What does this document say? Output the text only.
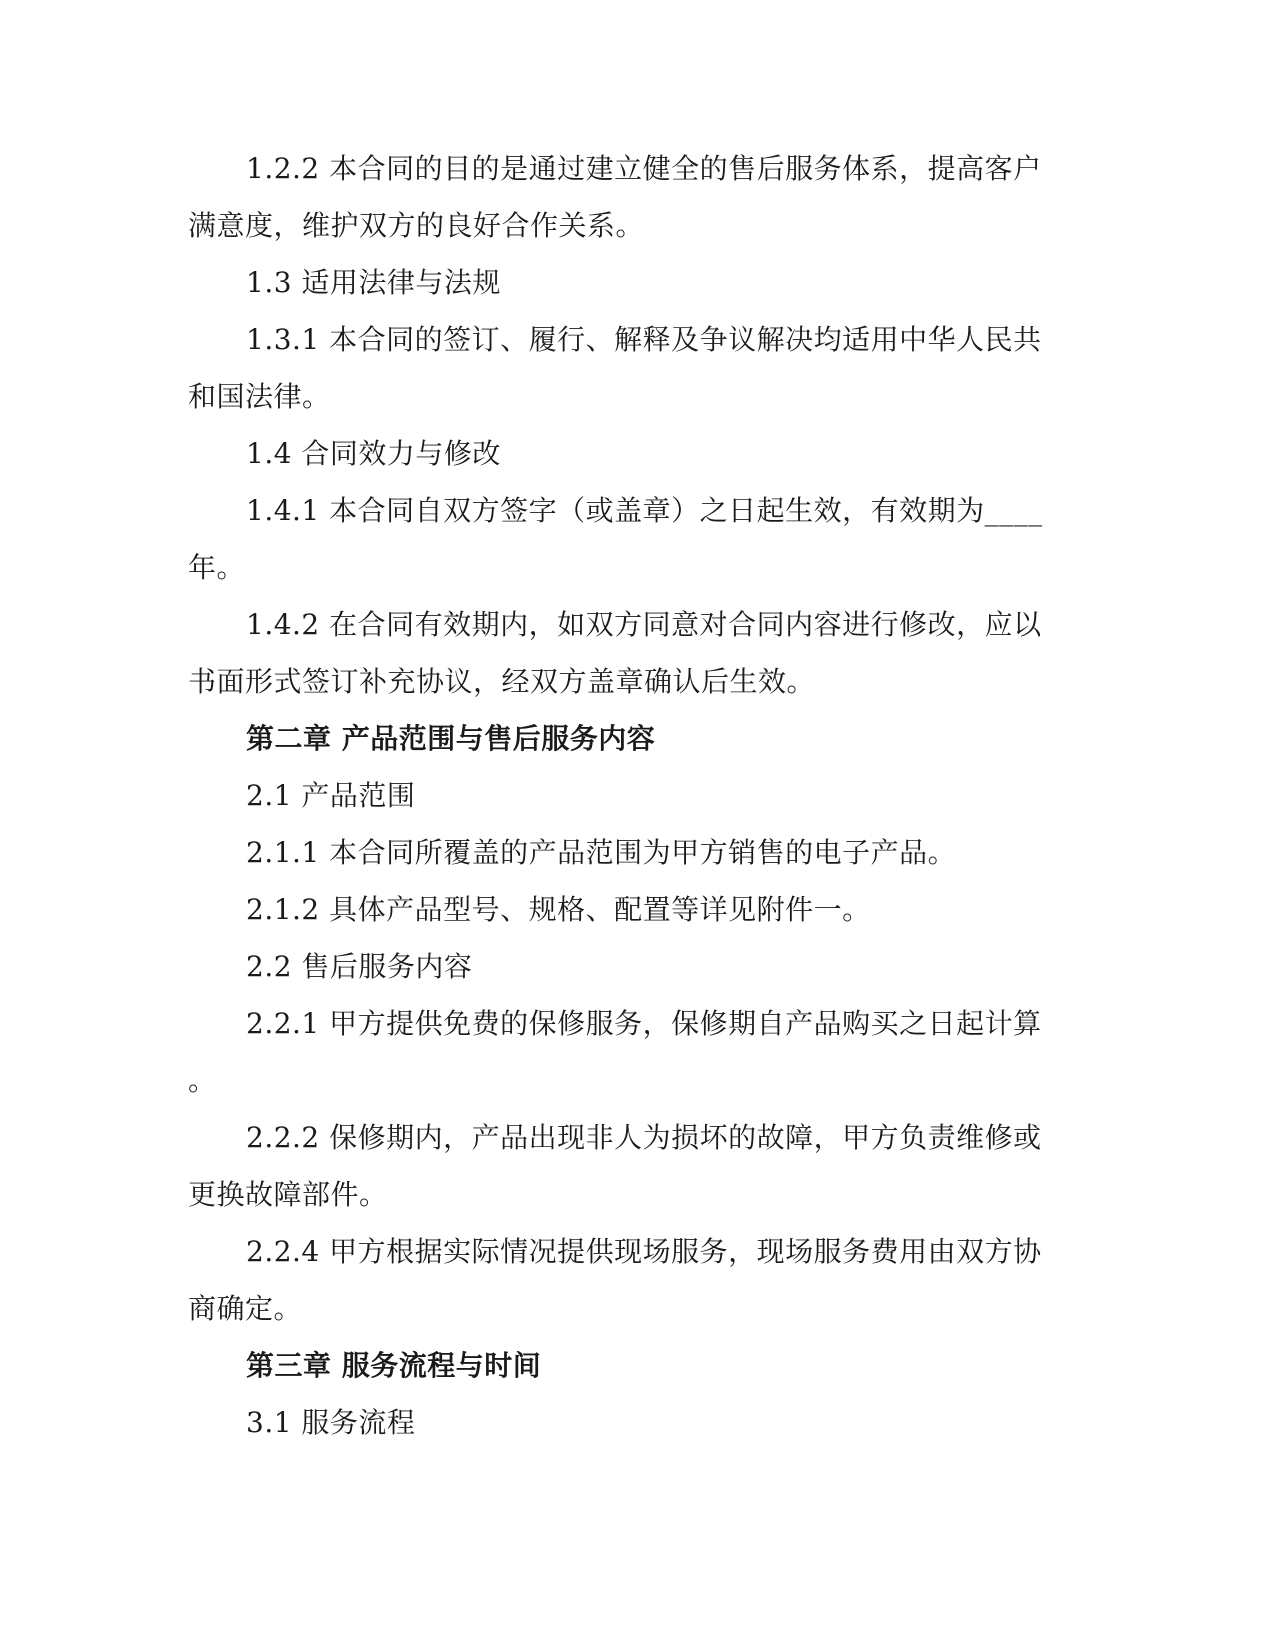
1.2.2 本合同的目的是通过建立健全的售后服务体系，提高客户

满意度，维护双方的良好合作关系。

1.3 适用法律与法规

1.3.1 本合同的签订、履行、解释及争议解决均适用中华人民共

和国法律。

1.4 合同效力与修改

1.4.1 本合同自双方签字（或盖章）之日起生效，有效期为____

年。

1.4.2 在合同有效期内，如双方同意对合同内容进行修改，应以

书面形式签订补充协议，经双方盖章确认后生效。

第二章 产品范围与售后服务内容

2.1 产品范围

2.1.1 本合同所覆盖的产品范围为甲方销售的电子产品。

2.1.2 具体产品型号、规格、配置等详见附件一。

2.2 售后服务内容

2.2.1 甲方提供免费的保修服务，保修期自产品购买之日起计算

。

2.2.2 保修期内，产品出现非人为损坏的故障，甲方负责维修或

更换故障部件。

2.2.4 甲方根据实际情况提供现场服务，现场服务费用由双方协

商确定。

第三章 服务流程与时间

3.1 服务流程
